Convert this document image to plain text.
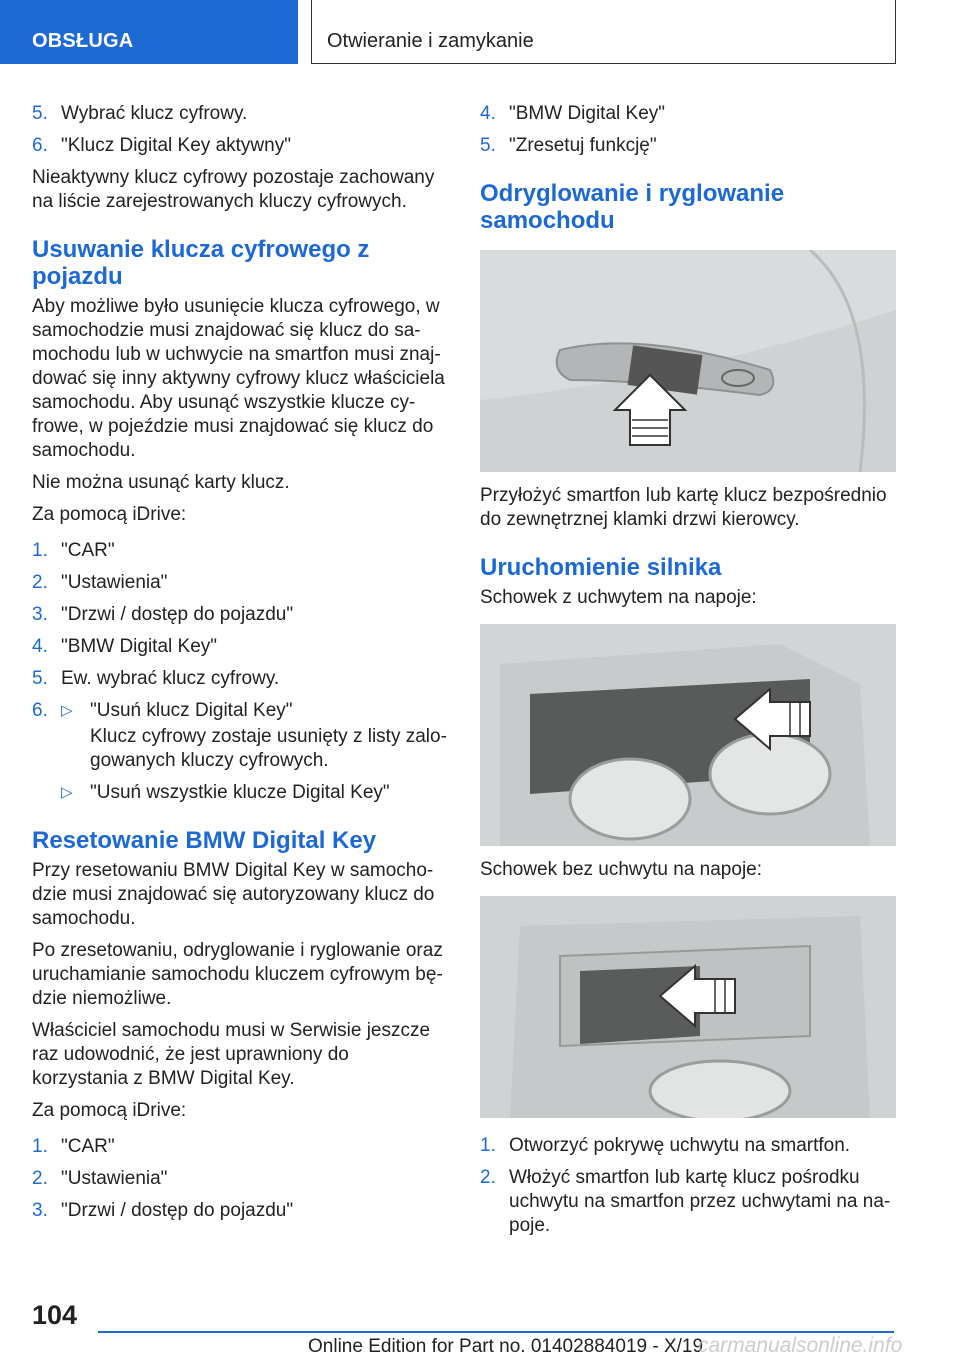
OBSŁUGA	Otwieranie i zamykanie
5. Wybrać klucz cyfrowy.
6. "Klucz Digital Key aktywny"

Nieaktywny klucz cyfrowy pozostaje zachowany na liście zarejestrowanych kluczy cyfrowych.

Usuwanie klucza cyfrowego z pojazdu

Aby możliwe było usunięcie klucza cyfrowego, w samochodzie musi znajdować się klucz do samochodu lub w uchwycie na smartfon musi znajdować się inny aktywny cyfrowy klucz właściciela samochodu. Aby usunąć wszystkie klucze cyfrowe, w pojeździe musi znajdować się klucz do samochodu.

Nie można usunąć karty klucz.

Za pomocą iDrive:

1. "CAR"
2. "Ustawienia"
3. "Drzwi / dostęp do pojazdu"
4. "BMW Digital Key"
5. Ew. wybrać klucz cyfrowy.
6. ▷ "Usuń klucz Digital Key"

Klucz cyfrowy zostaje usunięty z listy zalogowanych kluczy cyfrowych.

▷ "Usuń wszystkie klucze Digital Key"
Resetowanie BMW Digital Key

Przy resetowaniu BMW Digital Key w samochodzie musi znajdować się autoryzowany klucz do samochodu.

Po zresetowaniu, odryglowanie i ryglowanie oraz uruchamianie samochodu kluczem cyfrowym będzie niemożliwe.

Właściciel samochodu musi w Serwisie jeszcze raz udowodnić, że jest uprawniony do korzystania z BMW Digital Key.

Za pomocą iDrive:

1. "CAR"
2. "Ustawienia"
3. "Drzwi / dostęp do pojazdu"
4. "BMW Digital Key"
5. "Zresetuj funkcję"
Odryglowanie i ryglowanie samochodu

Przyłożyć smartfon lub kartę klucz bezpośrednio do zewnętrznej klamki drzwi kierowcy.

Uruchomienie silnika

Schowek z uchwytem na napoje:

Schowek bez uchwytu na napoje:

1. Otworzyć pokrywę uchwytu na smartfon.
2. Włożyć smartfon lub kartę klucz pośrodku uchwytu na smartfon przez uchwytami na napoje.
104
Online Edition for Part no. 01402884019 - X/19
carmanualsonline.info
